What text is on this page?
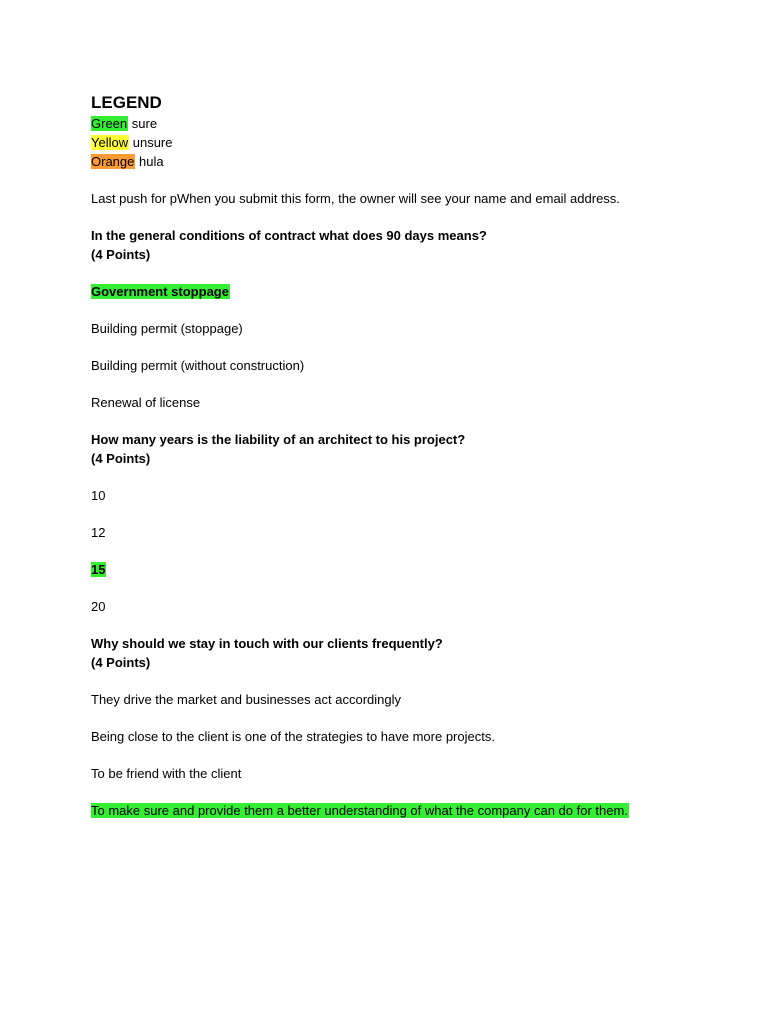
LEGEND
Green sure
Yellow unsure
Orange hula
Last push for pWhen you submit this form, the owner will see your name and email address.
In the general conditions of contract what does 90 days means?
(4 Points)
Government stoppage
Building permit (stoppage)
Building permit (without construction)
Renewal of license
How many years is the liability of an architect to his project?
(4 Points)
10
12
15
20
Why should we stay in touch with our clients frequently?
(4 Points)
They drive the market and businesses act accordingly
Being close to the client is one of the strategies to have more projects.
To be friend with the client
To make sure and provide them a better understanding of what the company can do for them.
